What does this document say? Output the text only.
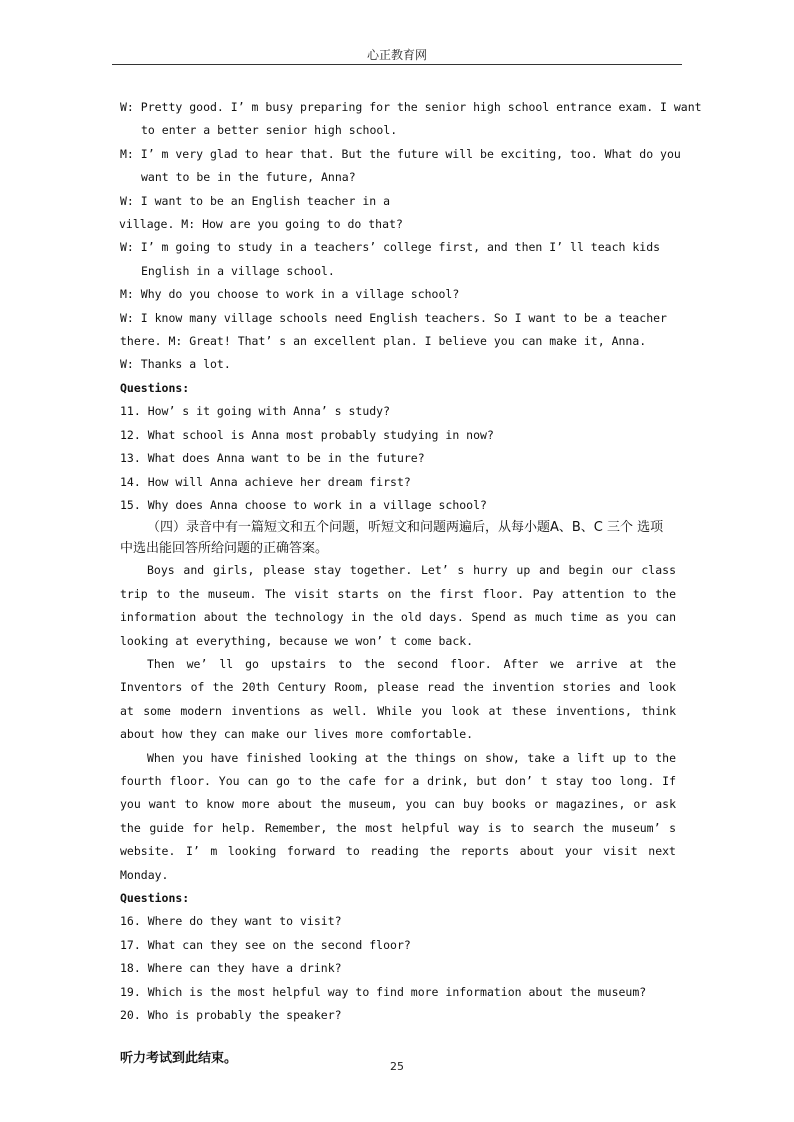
心正教育网
W: Pretty good. I’ m busy preparing for the senior high school entrance exam. I want
to enter a better senior high school.
M: I’ m very glad to hear that. But the future will be exciting, too. What do you
want to be in the future, Anna?
W: I want to be an English teacher in a
village. M: How are you going to do that?
W: I’ m going to study in a teachers’ college first, and then I’ ll teach kids
English in a village school.
M: Why do you choose to work in a village school?
W: I know many village schools need English teachers. So I want to be a teacher
there. M: Great! That’ s an excellent plan. I believe you can make it, Anna.
W: Thanks a lot.
Questions:
11. How’ s it going with Anna’ s study?
12. What school is Anna most probably studying in now?
13. What does Anna want to be in the future?
14. How will Anna achieve her dream first?
15. Why does Anna choose to work in a village school?
（四）录音中有一篇短文和五个问题，听短文和问题两遍后，从每小题A、B、C 三个 选项中选出能回答所给问题的正确答案。
Boys and girls, please stay together. Let’ s hurry up and begin our class trip to the museum. The visit starts on the first floor. Pay attention to the information about the technology in the old days. Spend as much time as you can looking at everything, because we won’ t come back.
Then we’ ll go upstairs to the second floor. After we arrive at the Inventors of the 20th Century Room, please read the invention stories and look at some modern inventions as well. While you look at these inventions, think about how they can make our lives more comfortable.
When you have finished looking at the things on show, take a lift up to the fourth floor. You can go to the cafe for a drink, but don’ t stay too long. If you want to know more about the museum, you can buy books or magazines, or ask the guide for help. Remember, the most helpful way is to search the museum’ s website. I’ m looking forward to reading the reports about your visit next Monday.
Questions:
16. Where do they want to visit?
17. What can they see on the second floor?
18. Where can they have a drink?
19. Which is the most helpful way to find more information about the museum?
20. Who is probably the speaker?
听力考试到此结束。
25
